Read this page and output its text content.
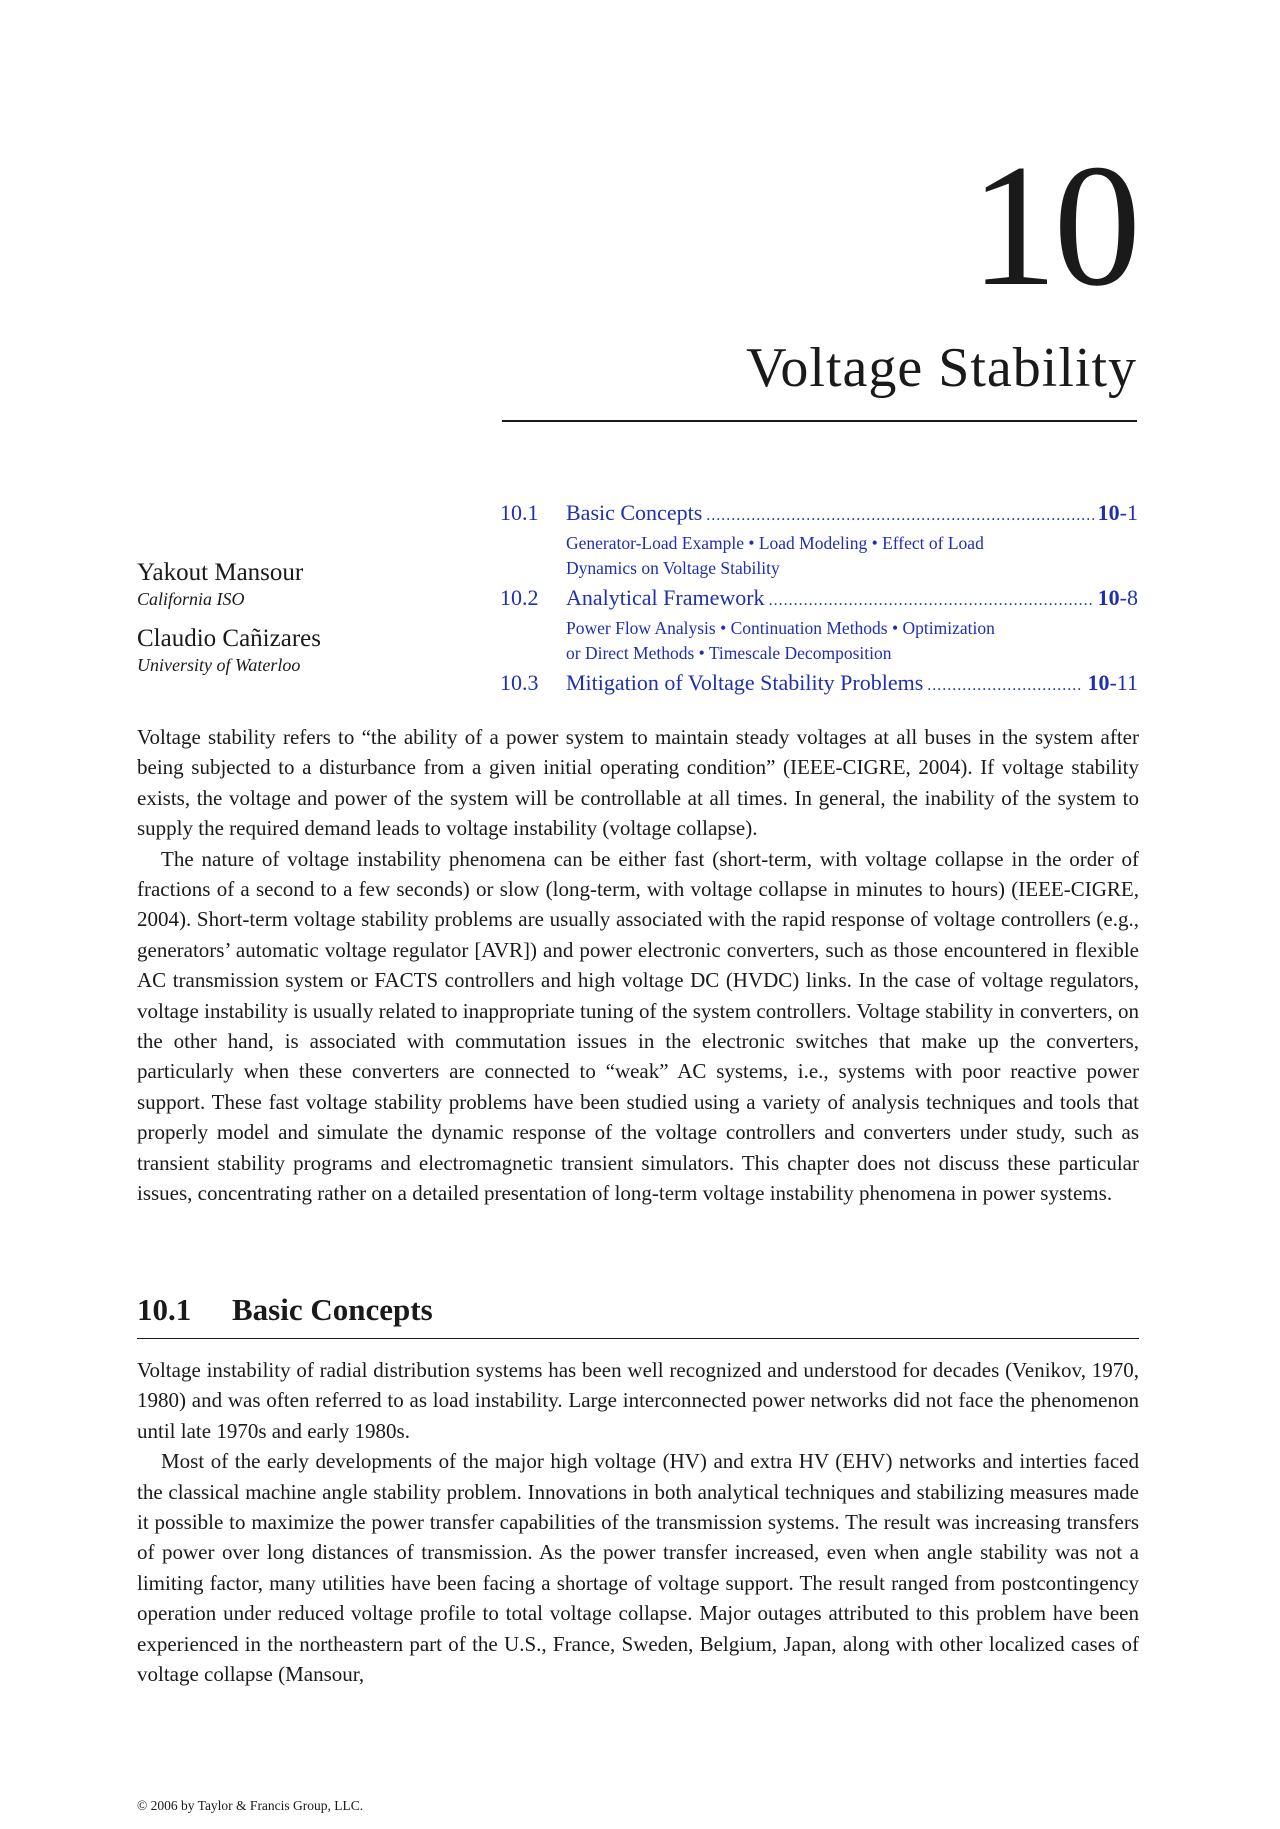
10
Voltage Stability
Yakout Mansour
California ISO
Claudio Cañizares
University of Waterloo
10.1	Basic Concepts .....	10-1
Generator-Load Example • Load Modeling • Effect of Load
Dynamics on Voltage Stability
10.2	Analytical Framework .....	10-8
Power Flow Analysis • Continuation Methods • Optimization
or Direct Methods • Timescale Decomposition
10.3	Mitigation of Voltage Stability Problems .....	10-11

Voltage stability refers to “the ability of a power system to maintain steady voltages at all buses in the system after being subjected to a disturbance from a given initial operating condition” (IEEE-CIGRE, 2004). If voltage stability exists, the voltage and power of the system will be controllable at all times. In general, the inability of the system to supply the required demand leads to voltage instability (voltage collapse).

The nature of voltage instability phenomena can be either fast (short-term, with voltage collapse in the order of fractions of a second to a few seconds) or slow (long-term, with voltage collapse in minutes to hours) (IEEE-CIGRE, 2004). Short-term voltage stability problems are usually associated with the rapid response of voltage controllers (e.g., generators’ automatic voltage regulator [AVR]) and power electronic converters, such as those encountered in flexible AC transmission system or FACTS controllers and high voltage DC (HVDC) links. In the case of voltage regulators, voltage instability is usually related to inappropriate tuning of the system controllers. Voltage stability in converters, on the other hand, is associated with commutation issues in the electronic switches that make up the converters, particularly when these converters are connected to “weak” AC systems, i.e., systems with poor reactive power support. These fast voltage stability problems have been studied using a variety of analysis techniques and tools that properly model and simulate the dynamic response of the voltage controllers and converters under study, such as transient stability programs and electromagnetic transient simulators. This chapter does not discuss these particular issues, concentrating rather on a detailed presentation of long-term voltage instability phenomena in power systems.

10.1 Basic Concepts

Voltage instability of radial distribution systems has been well recognized and understood for decades (Venikov, 1970, 1980) and was often referred to as load instability. Large interconnected power networks did not face the phenomenon until late 1970s and early 1980s.

Most of the early developments of the major high voltage (HV) and extra HV (EHV) networks and interties faced the classical machine angle stability problem. Innovations in both analytical techniques and stabilizing measures made it possible to maximize the power transfer capabilities of the transmission systems. The result was increasing transfers of power over long distances of transmission. As the power transfer increased, even when angle stability was not a limiting factor, many utilities have been facing a shortage of voltage support. The result ranged from postcontingency operation under reduced voltage profile to total voltage collapse. Major outages attributed to this problem have been experienced in the northeastern part of the U.S., France, Sweden, Belgium, Japan, along with other localized cases of voltage collapse (Mansour,

© 2006 by Taylor & Francis Group, LLC.
